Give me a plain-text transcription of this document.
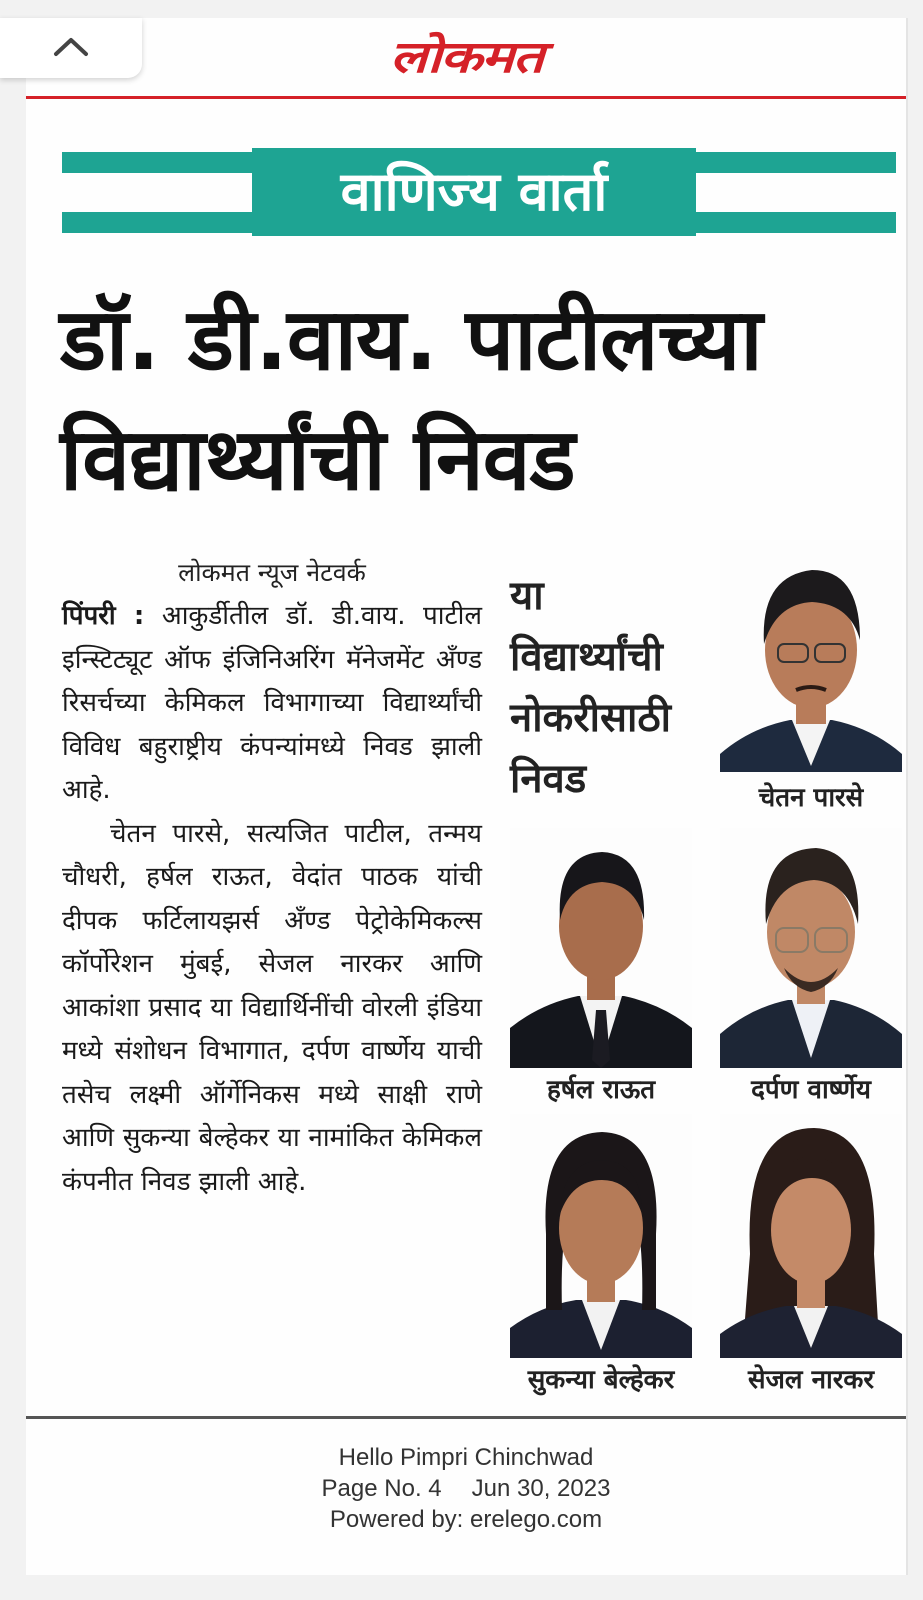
लोकमत
वाणिज्य वार्ता
डॉ. डी.वाय. पाटीलच्या
विद्यार्थ्यांची निवड
लोकमत न्यूज नेटवर्क

पिंपरी : आकुर्डीतील डॉ. डी.वाय. पाटील इन्स्टिट्यूट ऑफ इंजिनिअरिंग मॅनेजमेंट अँण्ड रिसर्चच्या केमिकल विभागाच्या विद्यार्थ्यांची विविध बहुराष्ट्रीय कंपन्यांमध्ये निवड झाली आहे.

चेतन पारसे, सत्यजित पाटील, तन्मय चौधरी, हर्षल राऊत, वेदांत पाठक यांची दीपक फर्टिलायझर्स अँण्ड पेट्रोकेमिकल्स कॉर्पोरेशन मुंबई, सेजल नारकर आणि आकांशा प्रसाद या विद्यार्थिनींची वोरली इंडिया मध्ये संशोधन विभागात, दर्पण वार्ष्णेय याची तसेच लक्ष्मी ऑर्गेनिकस मध्ये साक्षी राणे आणि सुकन्या बेल्हेकर या नामांकित केमिकल कंपनीत निवड झाली आहे.

या
विद्यार्थ्यांची
नोकरीसाठी
निवड	चेतन पारसे
हर्षल राऊत	दर्पण वार्ष्णेय
सुकन्या बेल्हेकर	सेजल नारकर
Hello Pimpri Chinchwad
Page No. 4 Jun 30, 2023
Powered by: erelego.com
